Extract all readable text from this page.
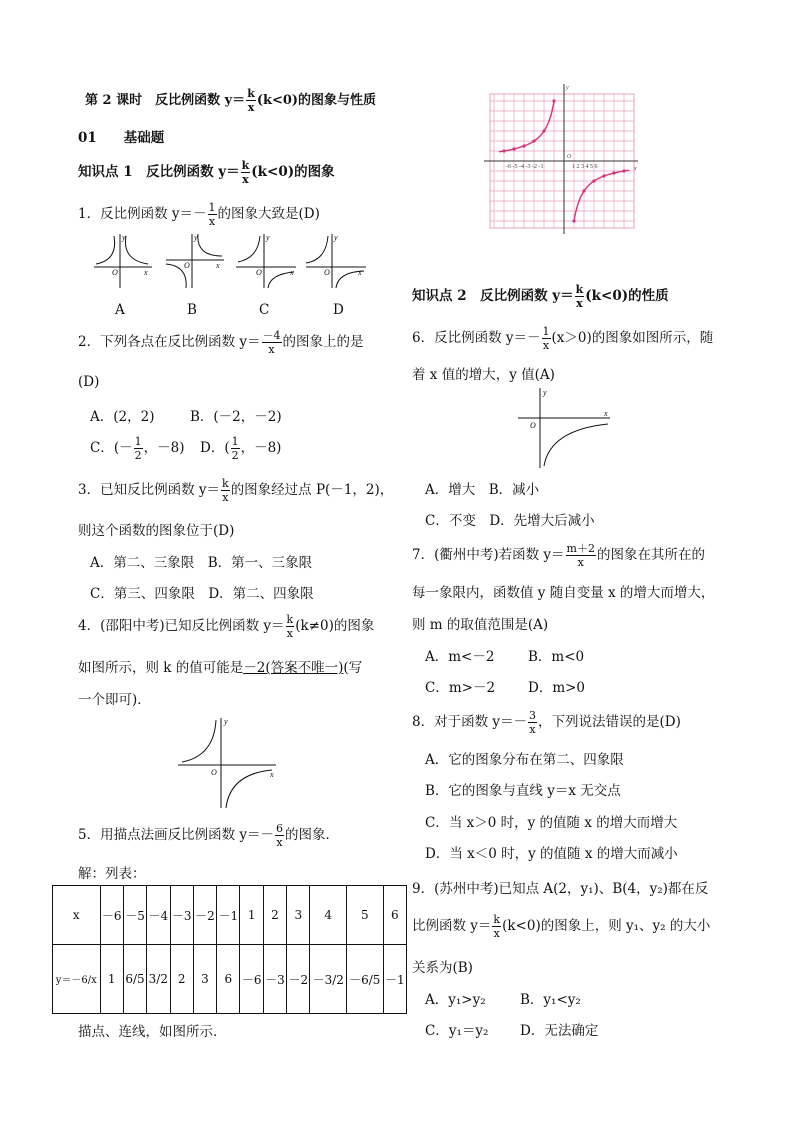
第 2 课时　反比例函数 $y= \frac{k}{x} (k<0)$的图象与性质
01　　 基础题
知识点 1　反比例函数 $y= \frac{k}{x} (k<0)$的图象
1．反比例函数 $y=- \frac{1}{x}$ 的图象大致是(D)
O	x
y
O	x
y
O	x
y
O	x
y
A	B	C	D
2．下列各点在反比例函数 $y= \frac{-4}{x}$ 的图象上的是
(D)
A．(2，2)	B．(－2，－2)
C．(－ $\frac{1}{2}$ ，－8) D．( $\frac{1}{2}$ ，－8)
3．已知反比例函数 $y= \frac{k}{x}$ 的图象经过点 P(－1，2)，
则这个函数的图象位于(D)
A．第二、三象限　B．第一、三象限
C．第三、四象限　D．第二、四象限
4．(邵阳中考)已知反比例函数 $y= \frac{k}{x} (k\ne 0)$的图象
如图所示，则 k 的值可能是－2(答案不唯一)(写
一个即可)．
O	x
y
5．用描点法画反比例函数 $y=- \frac{6}{x}$ 的图象．
解：列表：
x	－6	－5	－4	－3	－2	－1	1	2	3	4	5	6
y＝－6/x	1	6/5	3/2	2	3	6	－6	－3	－2	－3/2	－6/5	－1
描点、连线，如图所示．
y
x
O
-6 -5 -4 -3 -2 -1	1 2 3 4 5 6
知识点 2　反比例函数 $y= \frac{k}{x} (k<0)$的性质
6．反比例函数 $y=- \frac{1}{x} (x>0)$的图象如图所示，随
着 x 值的增大，y 值(A)
O
x
y
A．增大　B．减小
C．不变　D．先增大后减小
7．(衢州中考)若函数 $y= \frac{m+2}{x}$ 的图象在其所在的
每一象限内，函数值 y 随自变量 x 的增大而增大，
则 m 的取值范围是(A)
A．m<－2 B．m<0
C．m>－2 D．m>0
8．对于函数 $y=- \frac{3}{x}$ ，下列说法错误的是(D)
A．它的图象分布在第二、四象限
B．它的图象与直线 y＝x 无交点
C．当 x＞0 时，y 的值随 x 的增大而增大
D．当 x＜0 时，y 的值随 x 的增大而减小
9．(苏州中考)已知点 A(2，y₁)、B(4，y₂)都在反
比例函数 $y= \frac{k}{x} (k<0)$的图象上，则 y₁、y₂ 的大小
关系为(B)
A．y₁>y₂	B．y₁<y₂
C．y₁＝y₂ D．无法确定
